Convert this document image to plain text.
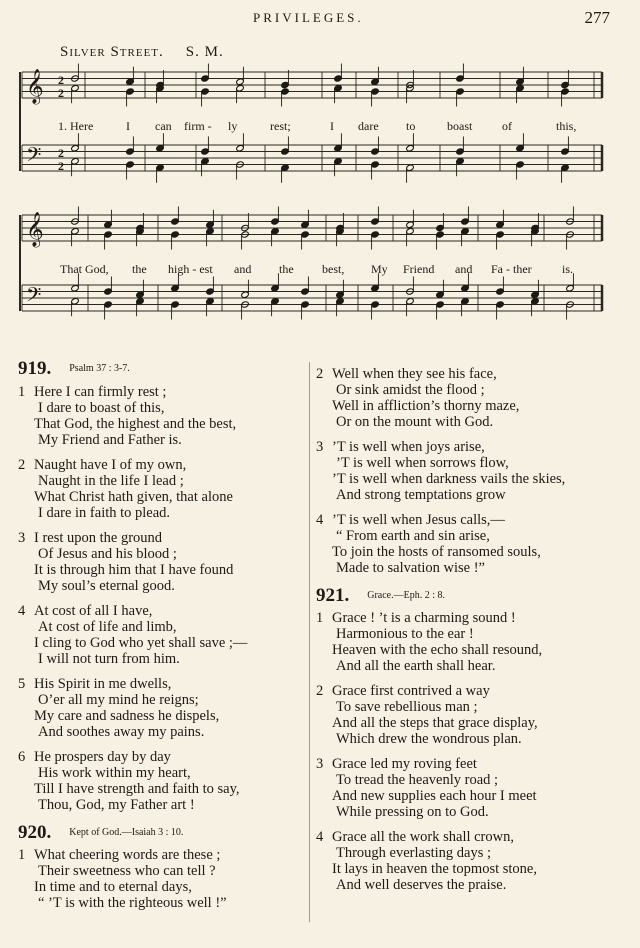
PRIVILEGES.	277
Silver Street. S. M.
𝄞
𝄞
𝄢
𝄢
2
2
2
2
1. Here	I can firm - ly	rest;	I dare to	boast of	this,
That God, the high - est and the best, My Friend and Fa - ther	is.
919. Psalm 37 : 3-7.
1 Here I can firmly rest ;
I dare to boast of this,
That God, the highest and the best,
My Friend and Father is.
2 Naught have I of my own,
Naught in the life I lead ;
What Christ hath given, that alone
I dare in faith to plead.
3 I rest upon the ground
Of Jesus and his blood ;
It is through him that I have found
My soul’s eternal good.
4 At cost of all I have,
At cost of life and limb,
I cling to God who yet shall save ;—
I will not turn from him.
5 His Spirit in me dwells,
O’er all my mind he reigns;
My care and sadness he dispels,
And soothes away my pains.
6 He prospers day by day
His work within my heart,
Till I have strength and faith to say,
Thou, God, my Father art !
920. Kept of God.—Isaiah 3 : 10.
1 What cheering words are these ;
Their sweetness who can tell ?
In time and to eternal days,
“ ’T is with the righteous well !”
2 Well when they see his face,
Or sink amidst the flood ;
Well in affliction’s thorny maze,
Or on the mount with God.
3 ’T is well when joys arise,
’T is well when sorrows flow,
’T is well when darkness vails the skies,
And strong temptations grow
4 ’T is well when Jesus calls,—
“ From earth and sin arise,
To join the hosts of ransomed souls,
Made to salvation wise !”
921. Grace.—Eph. 2 : 8.
1 Grace ! ’t is a charming sound !
Harmonious to the ear !
Heaven with the echo shall resound,
And all the earth shall hear.
2 Grace first contrived a way
To save rebellious man ;
And all the steps that grace display,
Which drew the wondrous plan.
3 Grace led my roving feet
To tread the heavenly road ;
And new supplies each hour I meet
While pressing on to God.
4 Grace all the work shall crown,
Through everlasting days ;
It lays in heaven the topmost stone,
And well deserves the praise.
